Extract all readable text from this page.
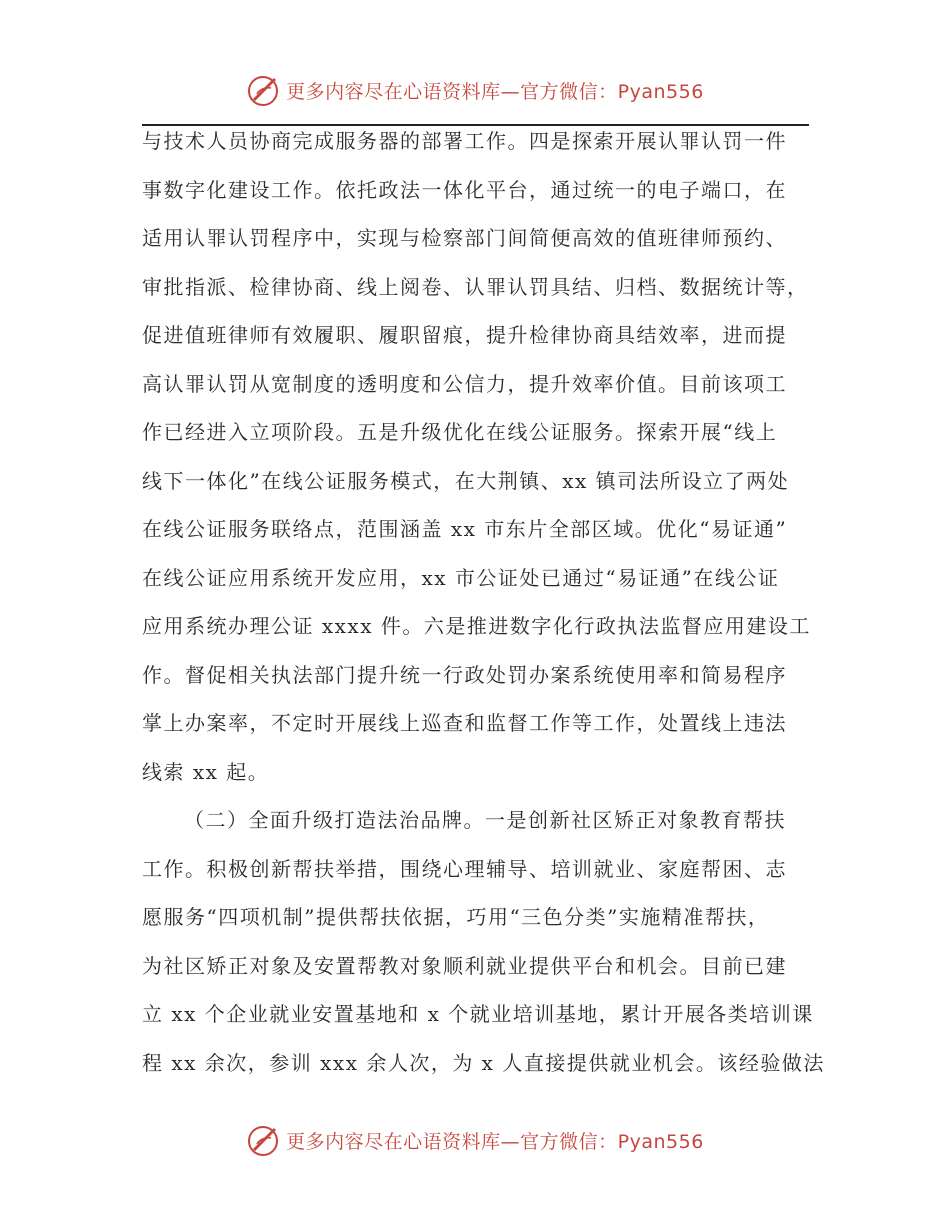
更多内容尽在心语资料库—官方微信：Pyan556
与技术人员协商完成服务器的部署工作。四是探索开展认罪认罚一件
事数字化建设工作。依托政法一体化平台，通过统一的电子端口，在
适用认罪认罚程序中，实现与检察部门间简便高效的值班律师预约、
审批指派、检律协商、线上阅卷、认罪认罚具结、归档、数据统计等，
促进值班律师有效履职、履职留痕，提升检律协商具结效率，进而提
高认罪认罚从宽制度的透明度和公信力，提升效率价值。目前该项工
作已经进入立项阶段。五是升级优化在线公证服务。探索开展“线上
线下一体化”在线公证服务模式，在大荆镇、xx 镇司法所设立了两处
在线公证服务联络点，范围涵盖 xx 市东片全部区域。优化“易证通”
在线公证应用系统开发应用，xx 市公证处已通过“易证通”在线公证
应用系统办理公证 xxxx 件。六是推进数字化行政执法监督应用建设工
作。督促相关执法部门提升统一行政处罚办案系统使用率和简易程序
掌上办案率，不定时开展线上巡查和监督工作等工作，处置线上违法
线索 xx 起。
（二）全面升级打造法治品牌。一是创新社区矫正对象教育帮扶
工作。积极创新帮扶举措，围绕心理辅导、培训就业、家庭帮困、志
愿服务“四项机制”提供帮扶依据，巧用“三色分类”实施精准帮扶，
为社区矫正对象及安置帮教对象顺利就业提供平台和机会。目前已建
立 xx 个企业就业安置基地和 x 个就业培训基地，累计开展各类培训课
程 xx 余次，参训 xxx 余人次，为 x 人直接提供就业机会。该经验做法
更多内容尽在心语资料库—官方微信：Pyan556
